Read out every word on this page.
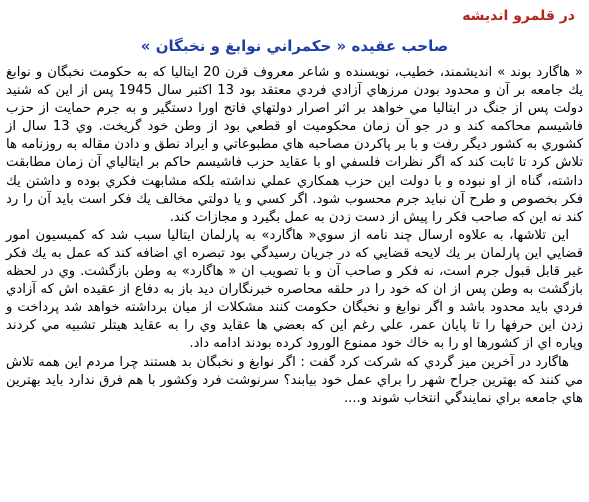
در قلمرو انديشه
صاحب عقيده « حكمراني نوابغ و نخبگان »

« هاگارد بوند » انديشمند، خطيب، نويسنده و شاعر معروف قرن 20 ايتاليا كه به حكومت نخبگان و نوابغ يك جامعه بر آن و محدود بودن مرزهاي آزادي فردي معتقد بود 13 اكتبر سال 1945 پس از اين كه شنيد دولت پس از جنگ در ايتاليا مي خواهد بر اثر اصرار دولتهاي فاتح اورا دستگير و به جرم حمايت از حزب فاشيسم محاكمه كند و در جو آن زمان محكوميت او قطعي بود از وطن خود گريخت. وي 13 سال از كشوري به كشور ديگر رفت و با بر پاكردن مصاحبه هاي مطبوعاتي و ايراد نطق و دادن مقاله به روزنامه ها تلاش كرد تا ثابت كند كه اگر نظرات فلسفي او با عقايد حزب فاشيسم حاكم بر ايتالياي آن زمان مطابقت داشته، گناه از او نبوده و با دولت اين حزب همكاري عملي نداشته بلكه مشابهت فكري بوده و داشتن يك فكر بخصوص و طرح آن نبايد جرم محسوب شود. اگر كسي و يا دولتي مخالف يك فكر است بايد آن را رد كند نه اين كه صاحب فكر را پيش از دست زدن به عمل بگيرد و مجازات كند.

اين تلاشها، به علاوه ارسال چند نامه از سوي« هاگارد» به پارلمان ايتاليا سبب شد كه كميسيون امور قضايي اين پارلمان بر يك لايحه قضايي كه در جريان رسيدگي بود تبصره اي اضافه كند كه عمل به يك فكر غير قابل قبول جرم است، نه فكر و صاحب آن و با تصويب ان « هاگارد» به وطن بازگشت. وي در لحظه بازگشت به وطن پس از ان كه خود را در حلقه محاصره خبرنگاران ديد باز به دفاع از عقيده اش كه آزادي فردي بايد محدود باشد و اگر نوابغ و نخبگان حكومت كنند مشكلات از ميان برداشته خواهد شد پرداخت و زدن اين حرفها را تا پايان عمر، علي رغم اين كه بعضي ها عقايد وي را به عقايد هيتلر تشبيه مي كردند وپاره اي از كشورها او را به خاك خود ممنوع الورود كرده بودند ادامه داد.

هاگارد در آخرين ميز گردي كه شركت كرد گفت : اگر نوابغ و نخبگان بد هستند چرا مردم اين همه تلاش مي كنند كه بهترين جراح شهر را براي عمل خود بيابند؟ سرنوشت فرد وكشور با هم فرق ندارد بايد بهترين هاي جامعه براي نمايندگي انتخاب شوند و....
